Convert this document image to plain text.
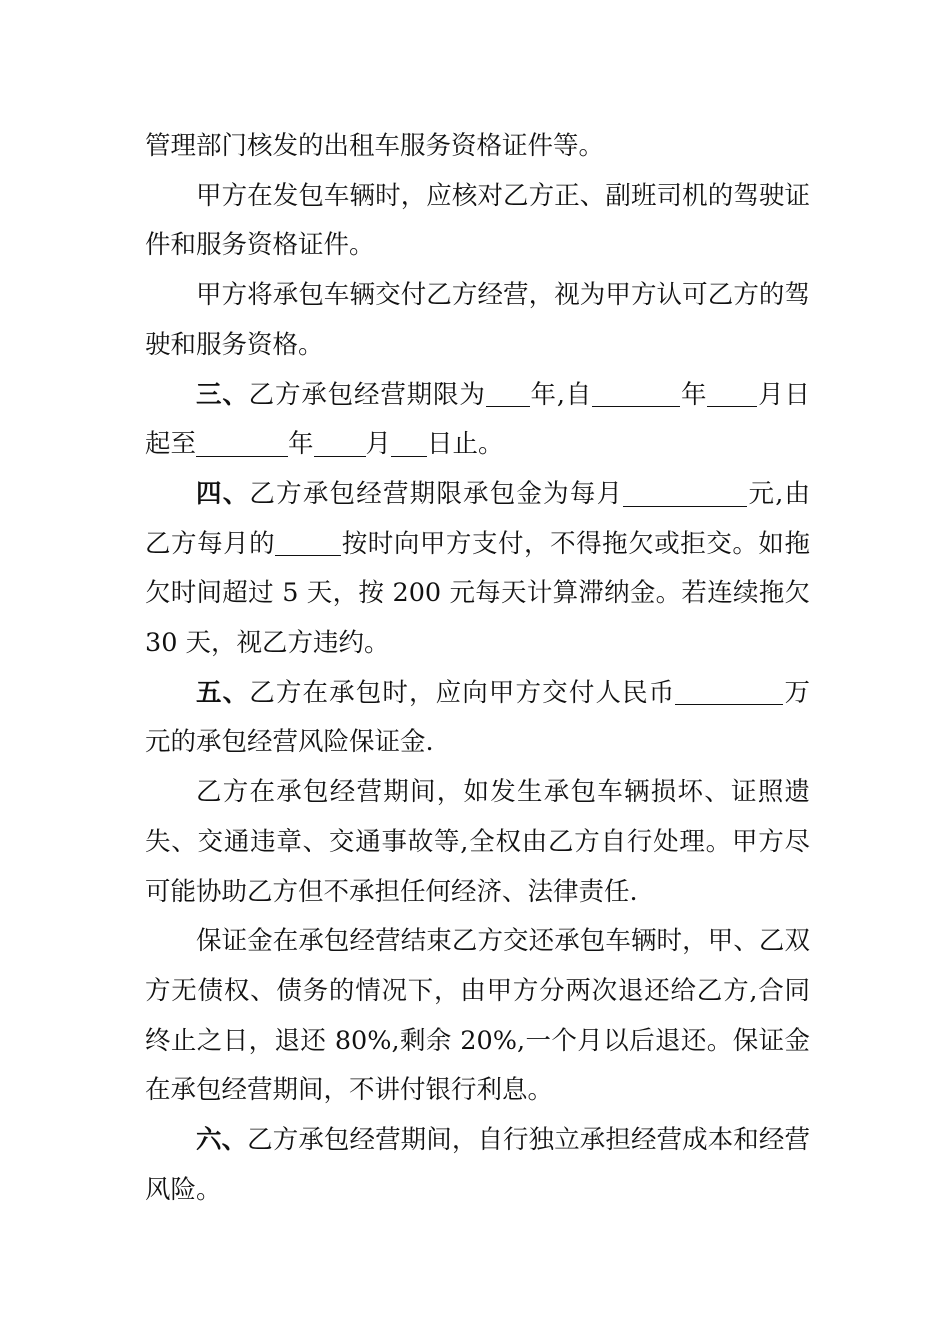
管理部门核发的出租车服务资格证件等。

甲方在发包车辆时，应核对乙方正、副班司机的驾驶证件和服务资格证件。

甲方将承包车辆交付乙方经营，视为甲方认可乙方的驾驶和服务资格。

三、乙方承包经营期限为 年,自	年 月日起至	年 月 日止。

四、乙方承包经营期限承包金为每月	元,由乙方每月的	按时向甲方支付，不得拖欠或拒交。如拖欠时间超过 5 天，按 200 元每天计算滞纳金。若连续拖欠 30 天，视乙方违约。

五、乙方在承包时，应向甲方交付人民币	万元的承包经营风险保证金.

乙方在承包经营期间，如发生承包车辆损坏、证照遗失、交通违章、交通事故等,全权由乙方自行处理。甲方尽可能协助乙方但不承担任何经济、法律责任.

保证金在承包经营结束乙方交还承包车辆时，甲、乙双方无债权、债务的情况下，由甲方分两次退还给乙方,合同终止之日，退还 80%,剩余 20%,一个月以后退还。保证金在承包经营期间，不讲付银行利息。

六、乙方承包经营期间，自行独立承担经营成本和经营风险。
